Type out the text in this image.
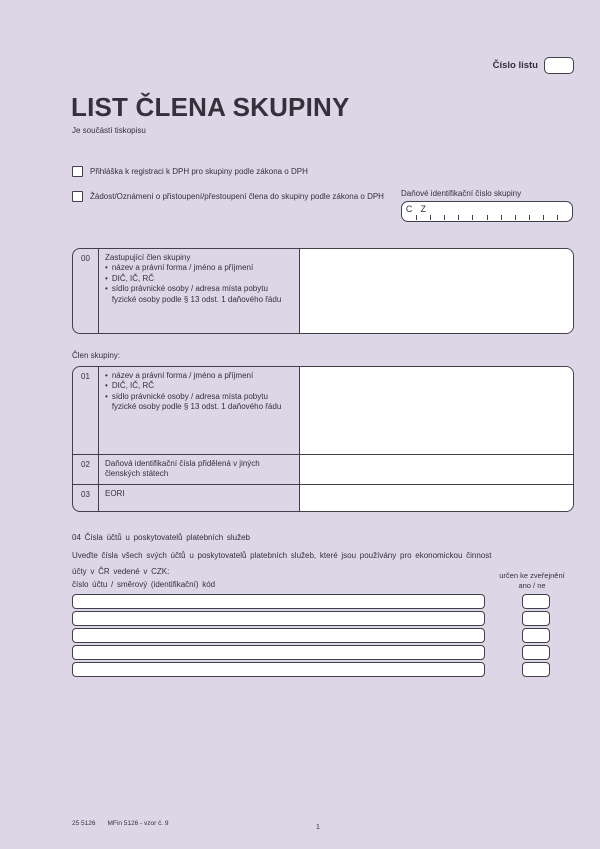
Číslo listu
LIST ČLENA SKUPINY
Je součástí tiskopisu
Přihláška k registraci k DPH pro skupiny podle zákona o DPH
Žádost/Oznámení o přistoupení/přestoupení člena do skupiny podle zákona o DPH Daňové identifikační číslo skupiny
C Z
00	Zastupující člen skupiny
• název a právní forma / jméno a příjmení
• DIČ, IČ, RČ
• sídlo právnické osoby / adresa místa pobytu fyzické osoby podle § 13 odst. 1 daňového řádu
Člen skupiny:
01	• název a právní forma / jméno a příjmení
• DIČ, IČ, RČ
• sídlo právnické osoby / adresa místa pobytu fyzické osoby podle § 13 odst. 1 daňového řádu
02	Daňová identifikační čísla přidělená v jiných členských státech
03	EORI
04 Čísla účtů u poskytovatelů platebních služeb
Uveďte čísla všech svých účtů u poskytovatelů platebních služeb, které jsou používány pro ekonomickou činnost
účty v ČR vedené v CZK:
číslo účtu / směrový (identifikační) kód
určen ke zveřejnění
ano / ne
25 5126 MFin 5126 - vzor č. 9
1
